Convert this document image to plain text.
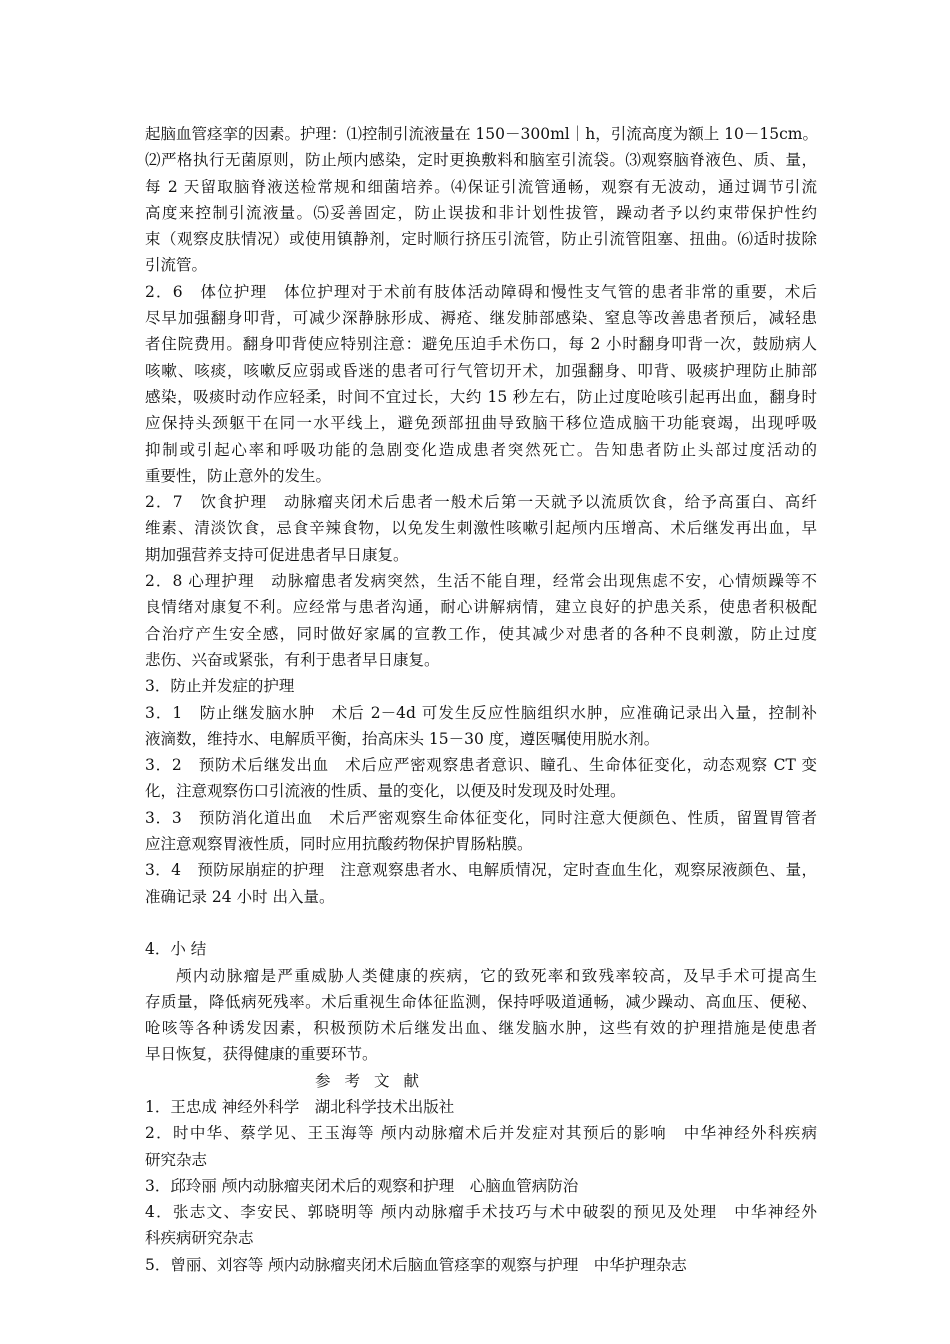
起脑血管痉挛的因素。护理：⑴控制引流液量在 150－300ml｜h，引流高度为额上 10－15cm。
⑵严格执行无菌原则，防止颅内感染，定时更换敷料和脑室引流袋。⑶观察脑脊液色、质、量，
每 2 天留取脑脊液送检常规和细菌培养。⑷保证引流管通畅，观察有无波动，通过调节引流
高度来控制引流液量。⑸妥善固定，防止误拔和非计划性拔管，躁动者予以约束带保护性约
束（观察皮肤情况）或使用镇静剂，定时顺行挤压引流管，防止引流管阻塞、扭曲。⑹适时拔除
引流管。
2．6　体位护理　体位护理对于术前有肢体活动障碍和慢性支气管的患者非常的重要，术后
尽早加强翻身叩背，可减少深静脉形成、褥疮、继发肺部感染、窒息等改善患者预后，减轻患
者住院费用。翻身叩背使应特别注意：避免压迫手术伤口，每 2 小时翻身叩背一次，鼓励病人
咳嗽、咳痰，咳嗽反应弱或昏迷的患者可行气管切开术，加强翻身、叩背、吸痰护理防止肺部
感染，吸痰时动作应轻柔，时间不宜过长，大约 15 秒左右，防止过度呛咳引起再出血，翻身时
应保持头颈躯干在同一水平线上，避免颈部扭曲导致脑干移位造成脑干功能衰竭，出现呼吸
抑制或引起心率和呼吸功能的急剧变化造成患者突然死亡。告知患者防止头部过度活动的
重要性，防止意外的发生。
2．7　饮食护理　动脉瘤夹闭术后患者一般术后第一天就予以流质饮食，给予高蛋白、高纤
维素、清淡饮食，忌食辛辣食物，以免发生刺激性咳嗽引起颅内压增高、术后继发再出血，早
期加强营养支持可促进患者早日康复。
2．8 心理护理　动脉瘤患者发病突然，生活不能自理，经常会出现焦虑不安，心情烦躁等不
良情绪对康复不利。应经常与患者沟通，耐心讲解病情，建立良好的护患关系，使患者积极配
合治疗产生安全感，同时做好家属的宣教工作，使其减少对患者的各种不良刺激，防止过度
悲伤、兴奋或紧张，有利于患者早日康复。
3．防止并发症的护理
3．1　防止继发脑水肿　术后 2－4d 可发生反应性脑组织水肿，应准确记录出入量，控制补
液滴数，维持水、电解质平衡，抬高床头 15－30 度，遵医嘱使用脱水剂。
3．2　预防术后继发出血　术后应严密观察患者意识、瞳孔、生命体征变化，动态观察 CT 变
化，注意观察伤口引流液的性质、量的变化，以便及时发现及时处理。
3．3　预防消化道出血　术后严密观察生命体征变化，同时注意大便颜色、性质，留置胃管者
应注意观察胃液性质，同时应用抗酸药物保护胃肠粘膜。
3．4　预防尿崩症的护理　注意观察患者水、电解质情况，定时查血生化，观察尿液颜色、量，
准确记录 24 小时 出入量。
4．小 结
颅内动脉瘤是严重威胁人类健康的疾病，它的致死率和致残率较高，及早手术可提高生
存质量，降低病死残率。术后重视生命体征监测，保持呼吸道通畅，减少躁动、高血压、便秘、
呛咳等各种诱发因素，积极预防术后继发出血、继发脑水肿，这些有效的护理措施是使患者
早日恢复，获得健康的重要环节。
参考文献
1．王忠成 神经外科学　湖北科学技术出版社
2．时中华、蔡学见、王玉海等 颅内动脉瘤术后并发症对其预后的影响　中华神经外科疾病
研究杂志
3．邱玲丽 颅内动脉瘤夹闭术后的观察和护理　心脑血管病防治
4．张志文、李安民、郭晓明等 颅内动脉瘤手术技巧与术中破裂的预见及处理　中华神经外
科疾病研究杂志
5．曾丽、刘容等 颅内动脉瘤夹闭术后脑血管痉挛的观察与护理　中华护理杂志
